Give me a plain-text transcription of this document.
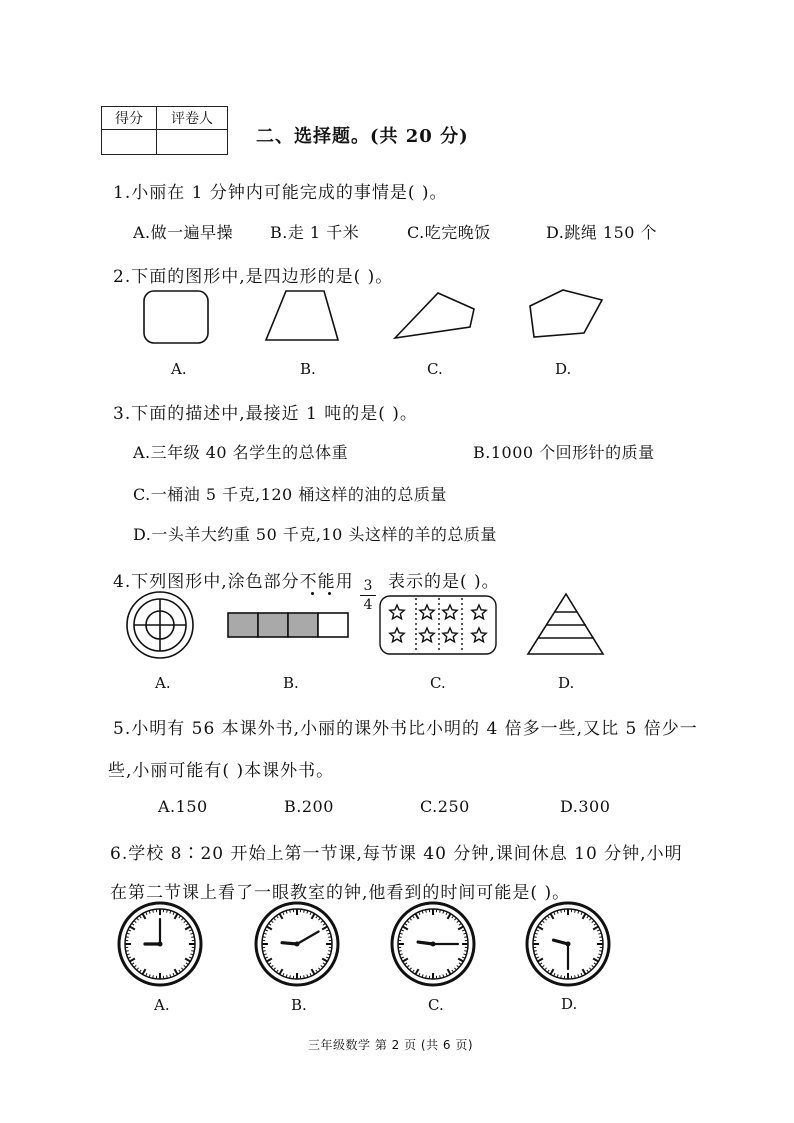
得分	评卷人

二、选择题。(共 20 分)
1.小丽在 1 分钟内可能完成的事情是( )。
A.做一遍早操 B.走 1 千米	C.吃完晚饭	D.跳绳 150 个
2.下面的图形中,是四边形的是( )。
A.	B.	C.	D.
3.下面的描述中,最接近 1 吨的是( )。
A.三年级 40 名学生的总体重	B.1000 个回形针的质量
C.一桶油 5 千克,120 桶这样的油的总质量
D.一头羊大约重 50 千克,10 头这样的羊的总质量
4.下列图形中,涂色部分不能用 3
4
表示的是( )。
A.	B.	C.	D.
5.小明有 56 本课外书,小丽的课外书比小明的 4 倍多一些,又比 5 倍少一
些,小丽可能有( )本课外书。
A.150	B.200	C.250	D.300
6.学校 8∶20 开始上第一节课,每节课 40 分钟,课间休息 10 分钟,小明
在第二节课上看了一眼教室的钟,他看到的时间可能是( )。
A.	B.	C.	D.
三年级数学 第 2 页 (共 6 页)
